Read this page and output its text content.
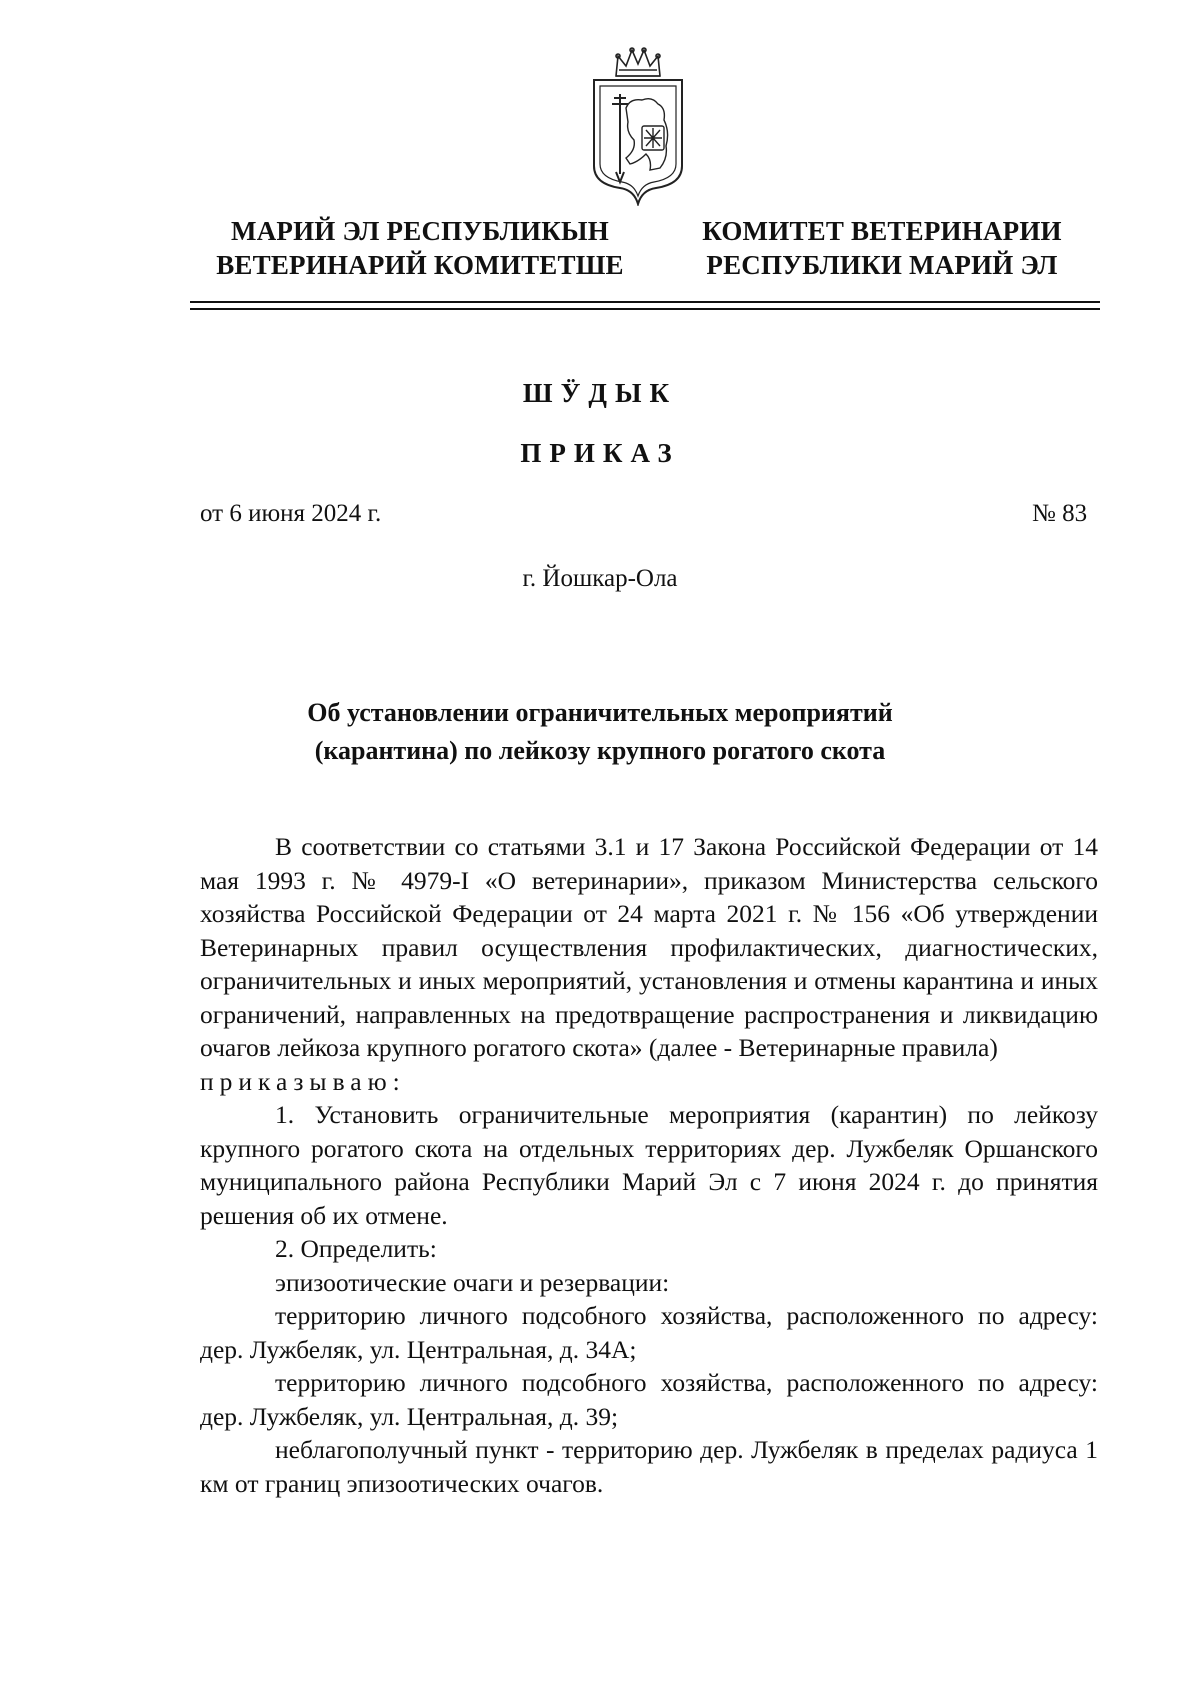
МАРИЙ ЭЛ РЕСПУБЛИКЫН
ВЕТЕРИНАРИЙ КОМИТЕТШЕ
КОМИТЕТ ВЕТЕРИНАРИИ
РЕСПУБЛИКИ МАРИЙ ЭЛ
ШӰДЫК
ПРИКАЗ
от 6 июня 2024 г.	№ 83
г. Йошкар-Ола
Об установлении ограничительных мероприятий
(карантина) по лейкозу крупного рогатого скота

В соответствии со статьями 3.1 и 17 Закона Российской Федерации от 14 мая 1993 г. № 4979-I «О ветеринарии», приказом Министерства сельского хозяйства Российской Федерации от 24 марта 2021 г. № 156 «Об утверждении Ветеринарных правил осуществления профилактических, диагностических, ограничительных и иных мероприятий, установления и отмены карантина и иных ограничений, направленных на предотвращение распространения и ликвидацию очагов лейкоза крупного рогатого скота» (далее - Ветеринарные правила)

приказываю:

1. Установить ограничительные мероприятия (карантин) по лейкозу крупного рогатого скота на отдельных территориях дер. Лужбеляк Оршанского муниципального района Республики Марий Эл с 7 июня 2024 г. до принятия решения об их отмене.

2. Определить:

эпизоотические очаги и резервации:

территорию личного подсобного хозяйства, расположенного по адресу: дер. Лужбеляк, ул. Центральная, д. 34А;

территорию личного подсобного хозяйства, расположенного по адресу: дер. Лужбеляк, ул. Центральная, д. 39;

неблагополучный пункт - территорию дер. Лужбеляк в пределах радиуса 1 км от границ эпизоотических очагов.
